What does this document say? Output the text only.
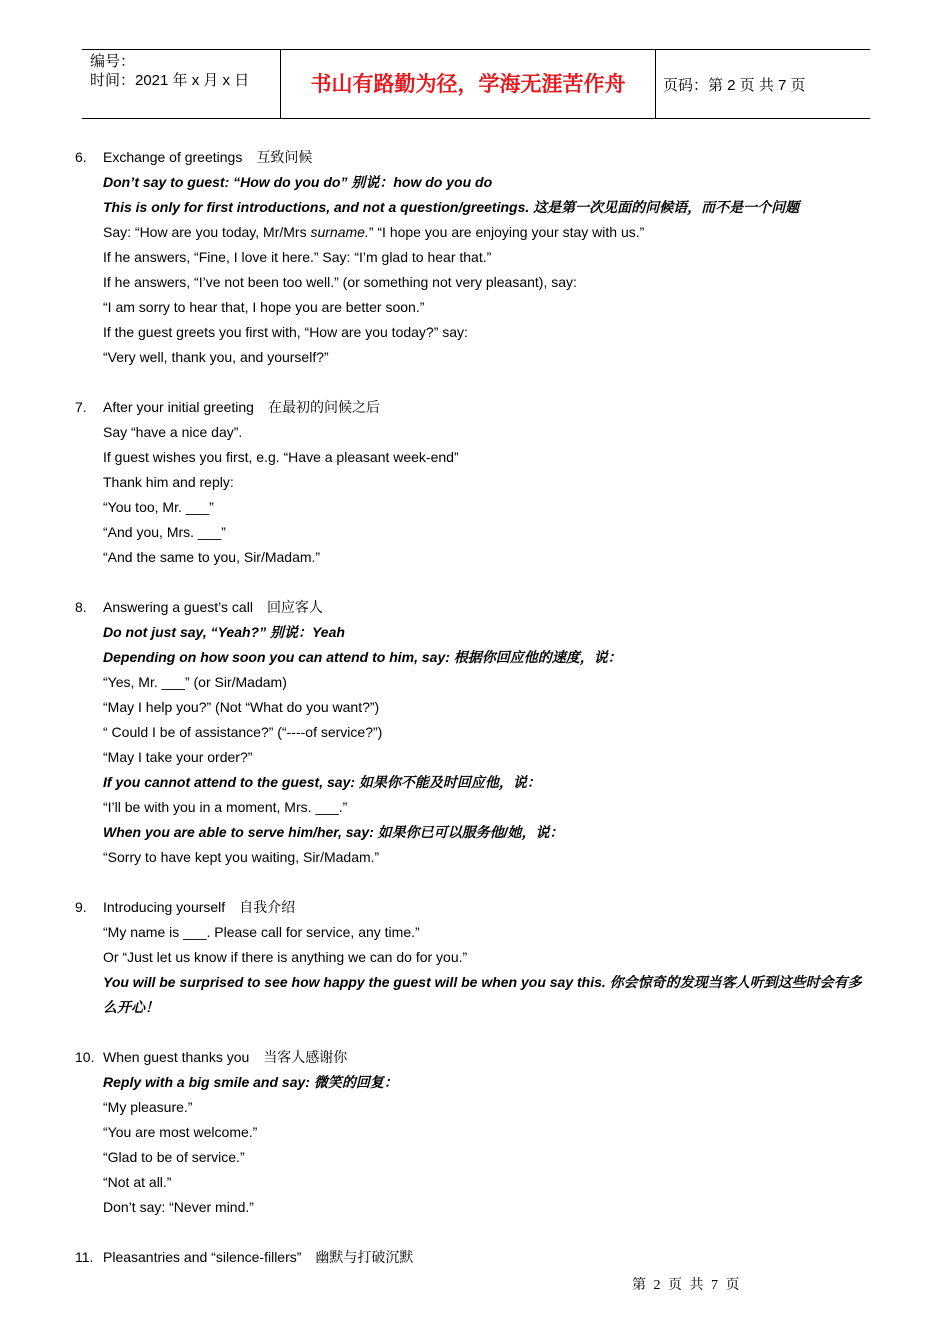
编号：
时间：2021 年 x 月 x 日	书山有路勤为径，学海无涯苦作舟	页码：第 2 页 共 7 页
6. Exchange of greetings 互致问候
Don’t say to guest: “How do you do” 别说：how do you do
This is only for first introductions, and not a question/greetings. 这是第一次见面的问候语，而不是一个问题
Say: “How are you today, Mr/Mrs surname.” “I hope you are enjoying your stay with us.”
If he answers, “Fine, I love it here.” Say: “I’m glad to hear that.”
If he answers, “I’ve not been too well.” (or something not very pleasant), say:
“I am sorry to hear that, I hope you are better soon.”
If the guest greets you first with, “How are you today?” say:
“Very well, thank you, and yourself?”
7. After your initial greeting 在最初的问候之后
Say “have a nice day”.
If guest wishes you first, e.g. “Have a pleasant week-end”
Thank him and reply:
“You too, Mr. ___”
“And you, Mrs. ___”
“And the same to you, Sir/Madam.”
8. Answering a guest’s call 回应客人
Do not just say, “Yeah?” 别说：Yeah
Depending on how soon you can attend to him, say: 根据你回应他的速度，说：
“Yes, Mr. ___” (or Sir/Madam)
“May I help you?” (Not “What do you want?”)
“ Could I be of assistance?” (“----of service?”)
“May I take your order?”
If you cannot attend to the guest, say: 如果你不能及时回应他，说：
“I’ll be with you in a moment, Mrs. ___.”
When you are able to serve him/her, say: 如果你已可以服务他/她，说：
“Sorry to have kept you waiting, Sir/Madam.”
9. Introducing yourself 自我介绍
“My name is ___. Please call for service, any time.”
Or “Just let us know if there is anything we can do for you.”
You will be surprised to see how happy the guest will be when you say this. 你会惊奇的发现当客人听到这些时会有多么开心！
10. When guest thanks you 当客人感谢你
Reply with a big smile and say: 微笑的回复：
“My pleasure.”
“You are most welcome.”
“Glad to be of service.”
“Not at all.”
Don’t say: “Never mind.”
11. Pleasantries and “silence-fillers” 幽默与打破沉默
第 2 页 共 7 页
